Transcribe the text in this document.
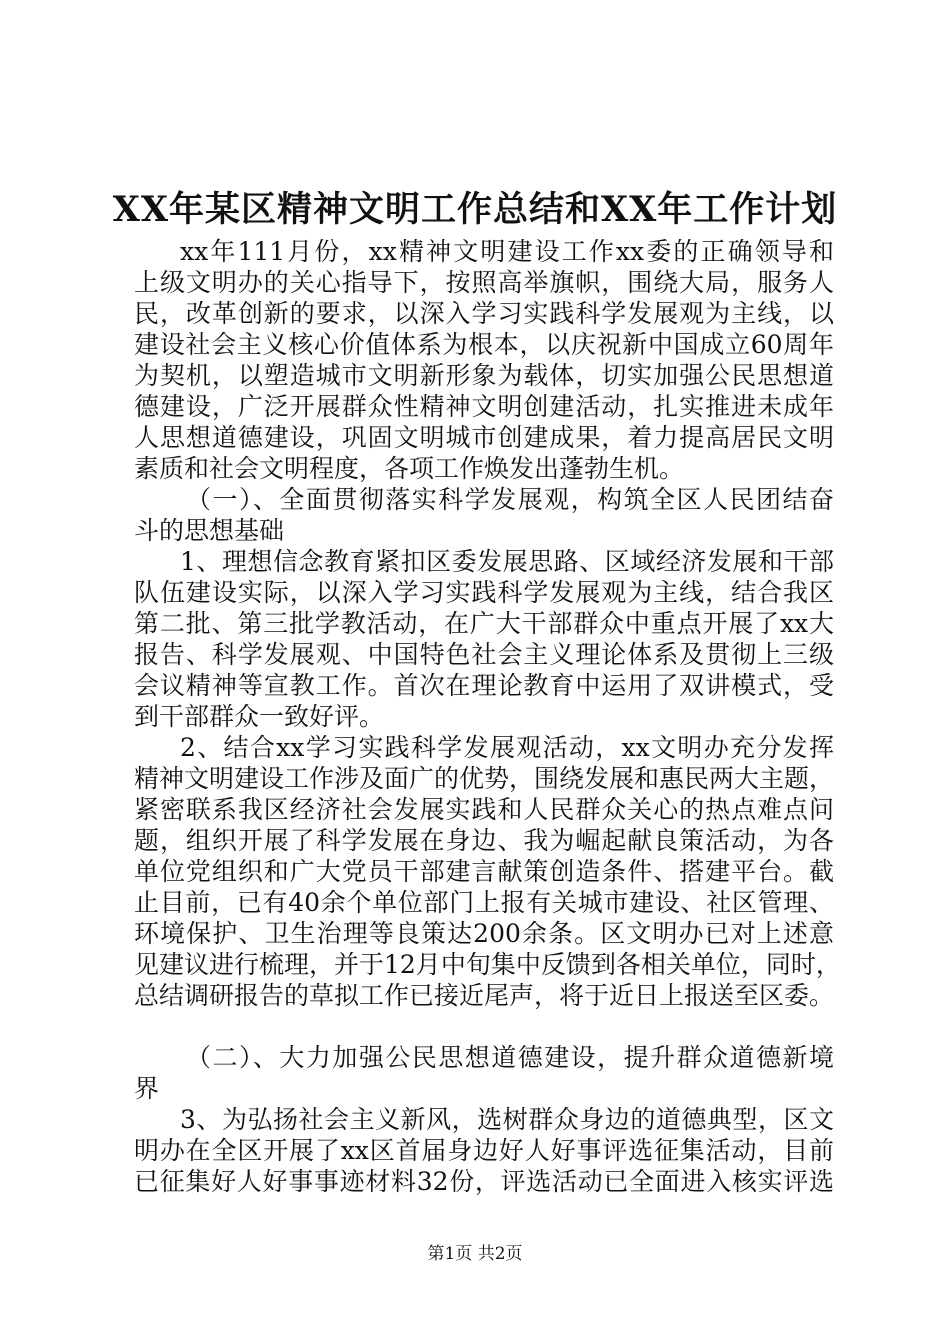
XX年某区精神文明工作总结和XX年工作计划
xx年111月份，xx精神文明建设工作xx委的正确领导和
上级文明办的关心指导下，按照高举旗帜，围绕大局，服务人
民，改革创新的要求，以深入学习实践科学发展观为主线，以
建设社会主义核心价值体系为根本，以庆祝新中国成立60周年
为契机，以塑造城市文明新形象为载体，切实加强公民思想道
德建设，广泛开展群众性精神文明创建活动，扎实推进未成年
人思想道德建设，巩固文明城市创建成果，着力提高居民文明
素质和社会文明程度，各项工作焕发出蓬勃生机。
（一）、全面贯彻落实科学发展观，构筑全区人民团结奋
斗的思想基础
1、理想信念教育紧扣区委发展思路、区域经济发展和干部
队伍建设实际，以深入学习实践科学发展观为主线，结合我区
第二批、第三批学教活动，在广大干部群众中重点开展了xx大
报告、科学发展观、中国特色社会主义理论体系及贯彻上三级
会议精神等宣教工作。首次在理论教育中运用了双讲模式，受
到干部群众一致好评。
2、结合xx学习实践科学发展观活动，xx文明办充分发挥
精神文明建设工作涉及面广的优势，围绕发展和惠民两大主题，
紧密联系我区经济社会发展实践和人民群众关心的热点难点问
题，组织开展了科学发展在身边、我为崛起献良策活动，为各
单位党组织和广大党员干部建言献策创造条件、搭建平台。截
止目前，已有40余个单位部门上报有关城市建设、社区管理、
环境保护、卫生治理等良策达200余条。区文明办已对上述意
见建议进行梳理，并于12月中旬集中反馈到各相关单位，同时，
总结调研报告的草拟工作已接近尾声，将于近日上报送至区委。
（二）、大力加强公民思想道德建设，提升群众道德新境
界
3、为弘扬社会主义新风，选树群众身边的道德典型，区文
明办在全区开展了xx区首届身边好人好事评选征集活动，目前
已征集好人好事事迹材料32份，评选活动已全面进入核实评选
第1页 共2页
